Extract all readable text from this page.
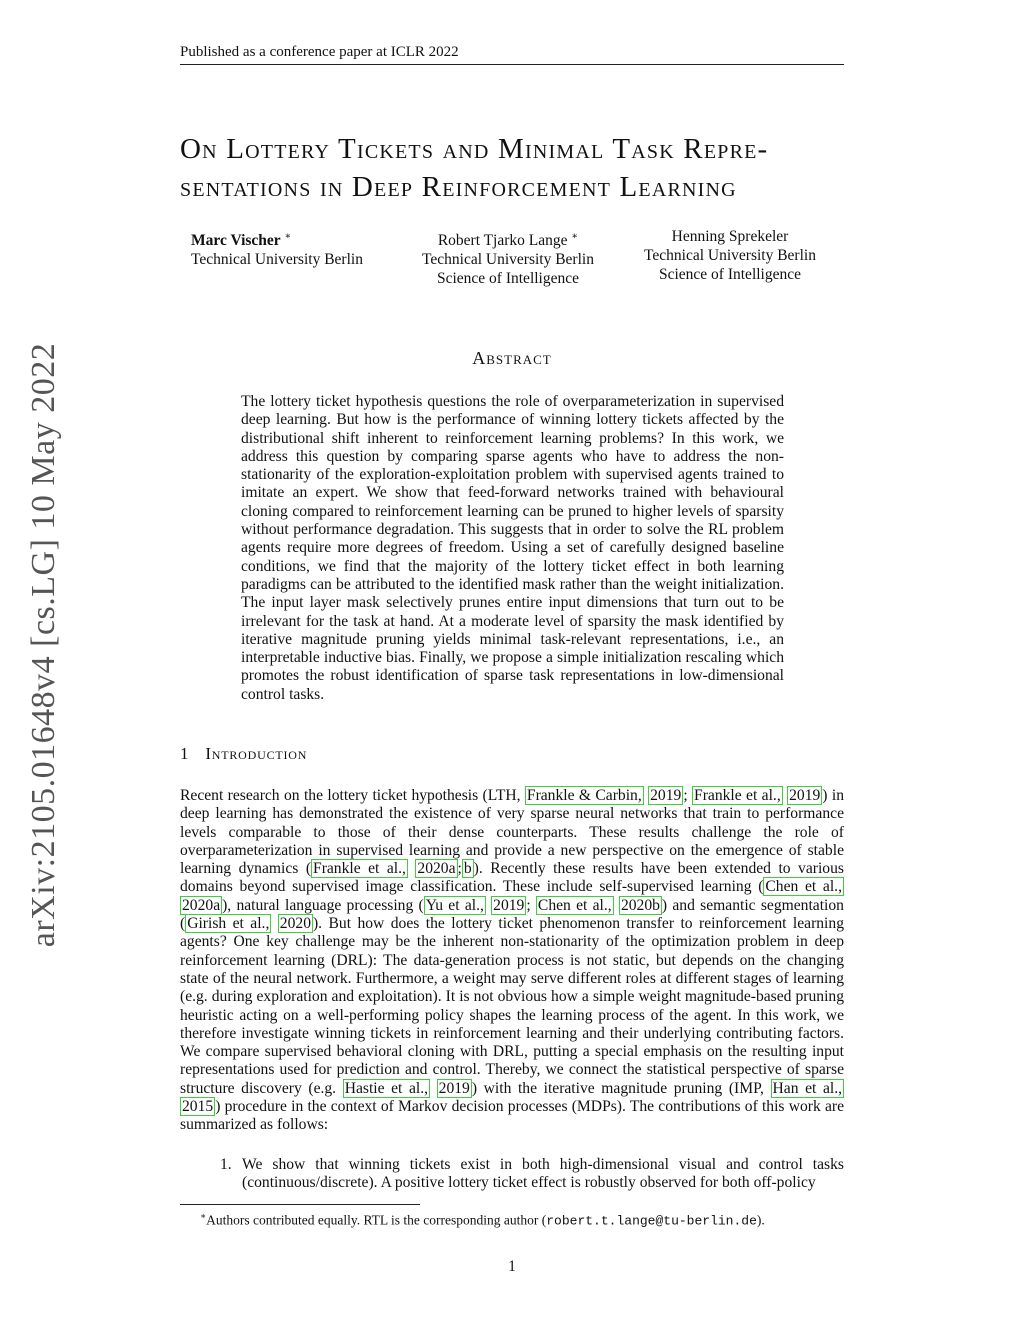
Published as a conference paper at ICLR 2022
arXiv:2105.01648v4 [cs.LG] 10 May 2022
On Lottery Tickets and Minimal Task Repre-
sentations in Deep Reinforcement Learning
Marc Vischer ∗
Technical University Berlin
Robert Tjarko Lange ∗
Technical University Berlin
Science of Intelligence
Henning Sprekeler
Technical University Berlin
Science of Intelligence
Abstract

The lottery ticket hypothesis questions the role of overparameterization in supervised deep learning. But how is the performance of winning lottery tickets affected by the distributional shift inherent to reinforcement learning problems? In this work, we address this question by comparing sparse agents who have to address the non-stationarity of the exploration-exploitation problem with supervised agents trained to imitate an expert. We show that feed-forward networks trained with behavioural cloning compared to reinforcement learning can be pruned to higher levels of sparsity without performance degradation. This suggests that in order to solve the RL problem agents require more degrees of freedom. Using a set of carefully designed baseline conditions, we find that the majority of the lottery ticket effect in both learning paradigms can be attributed to the identified mask rather than the weight initialization. The input layer mask selectively prunes entire input dimensions that turn out to be irrelevant for the task at hand. At a moderate level of sparsity the mask identified by iterative magnitude pruning yields minimal task-relevant representations, i.e., an interpretable inductive bias. Finally, we propose a simple initialization rescaling which promotes the robust identification of sparse task representations in low-dimensional control tasks.

1 Introduction

Recent research on the lottery ticket hypothesis (LTH, Frankle & Carbin, 2019 ; Frankle et al., 2019 ) in deep learning has demonstrated the existence of very sparse neural networks that train to performance levels comparable to those of their dense counterparts. These results challenge the role of overparameterization in supervised learning and provide a new perspective on the emergence of stable learning dynamics ( Frankle et al., 2020a ; b ). Recently these results have been extended to various domains beyond supervised image classification. These include self-supervised learning ( Chen et al., 2020a ), natural language processing ( Yu et al., 2019 ; Chen et al., 2020b ) and semantic segmentation ( Girish et al., 2020 ). But how does the lottery ticket phenomenon transfer to reinforcement learning agents? One key challenge may be the inherent non-stationarity of the optimization problem in deep reinforcement learning (DRL): The data-generation process is not static, but depends on the changing state of the neural network. Furthermore, a weight may serve different roles at different stages of learning (e.g. during exploration and exploitation). It is not obvious how a simple weight magnitude-based pruning heuristic acting on a well-performing policy shapes the learning process of the agent. In this work, we therefore investigate winning tickets in reinforcement learning and their underlying contributing factors. We compare supervised behavioral cloning with DRL, putting a special emphasis on the resulting input representations used for prediction and control. Thereby, we connect the statistical perspective of sparse structure discovery (e.g. Hastie et al., 2019 ) with the iterative magnitude pruning (IMP, Han et al., 2015 ) procedure in the context of Markov decision processes (MDPs). The contributions of this work are summarized as follows:

1. We show that winning tickets exist in both high-dimensional visual and control tasks (continuous/discrete). A positive lottery ticket effect is robustly observed for both off-policy
∗Authors contributed equally. RTL is the corresponding author (robert.t.lange@tu-berlin.de).
1
